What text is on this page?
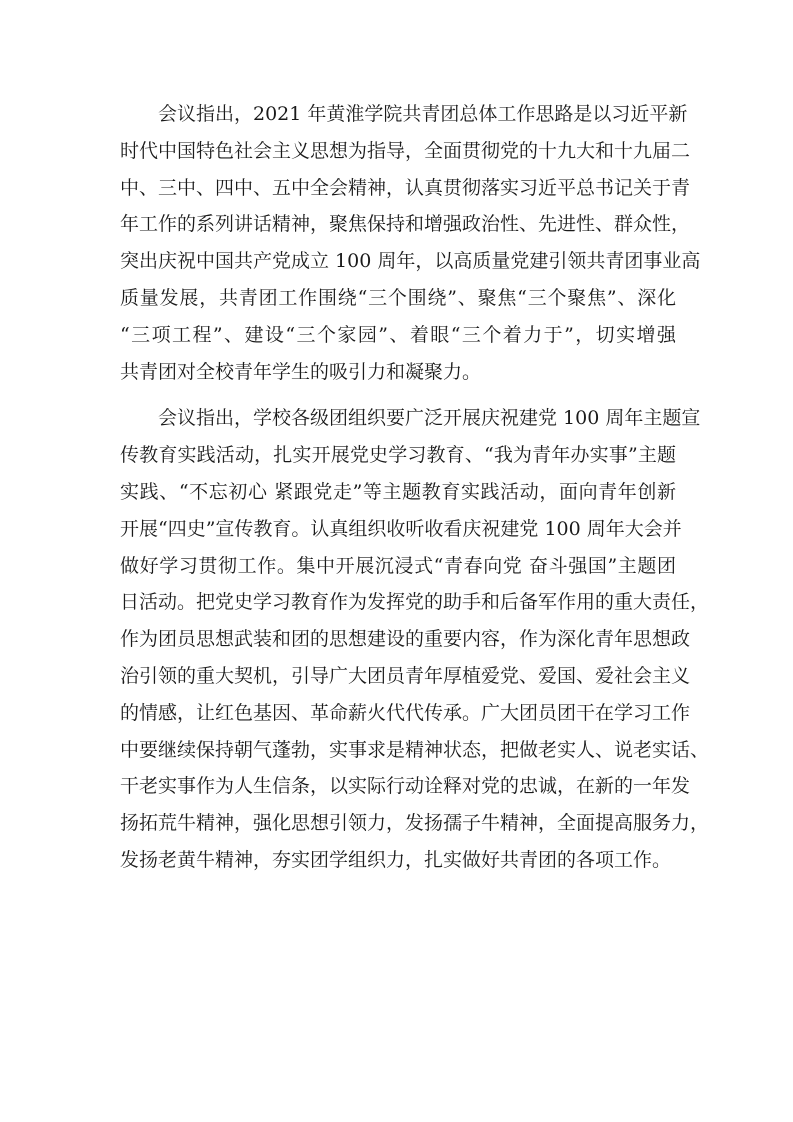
会议指出，2021 年黄淮学院共青团总体工作思路是以习近平新
时代中国特色社会主义思想为指导，全面贯彻党的十九大和十九届二
中、三中、四中、五中全会精神，认真贯彻落实习近平总书记关于青
年工作的系列讲话精神，聚焦保持和增强政治性、先进性、群众性，
突出庆祝中国共产党成立 100 周年，以高质量党建引领共青团事业高
质量发展，共青团工作围绕“三个围绕”、聚焦“三个聚焦”、深化
“三项工程”、建设“三个家园”、着眼“三个着力于”，切实增强
共青团对全校青年学生的吸引力和凝聚力。
会议指出，学校各级团组织要广泛开展庆祝建党 100 周年主题宣
传教育实践活动，扎实开展党史学习教育、“我为青年办实事”主题
实践、“不忘初心 紧跟党走”等主题教育实践活动，面向青年创新
开展“四史”宣传教育。认真组织收听收看庆祝建党 100 周年大会并
做好学习贯彻工作。集中开展沉浸式“青春向党 奋斗强国”主题团
日活动。把党史学习教育作为发挥党的助手和后备军作用的重大责任，
作为团员思想武装和团的思想建设的重要内容，作为深化青年思想政
治引领的重大契机，引导广大团员青年厚植爱党、爱国、爱社会主义
的情感，让红色基因、革命薪火代代传承。广大团员团干在学习工作
中要继续保持朝气蓬勃，实事求是精神状态，把做老实人、说老实话、
干老实事作为人生信条，以实际行动诠释对党的忠诚，在新的一年发
扬拓荒牛精神，强化思想引领力，发扬孺子牛精神，全面提高服务力，
发扬老黄牛精神，夯实团学组织力，扎实做好共青团的各项工作。
